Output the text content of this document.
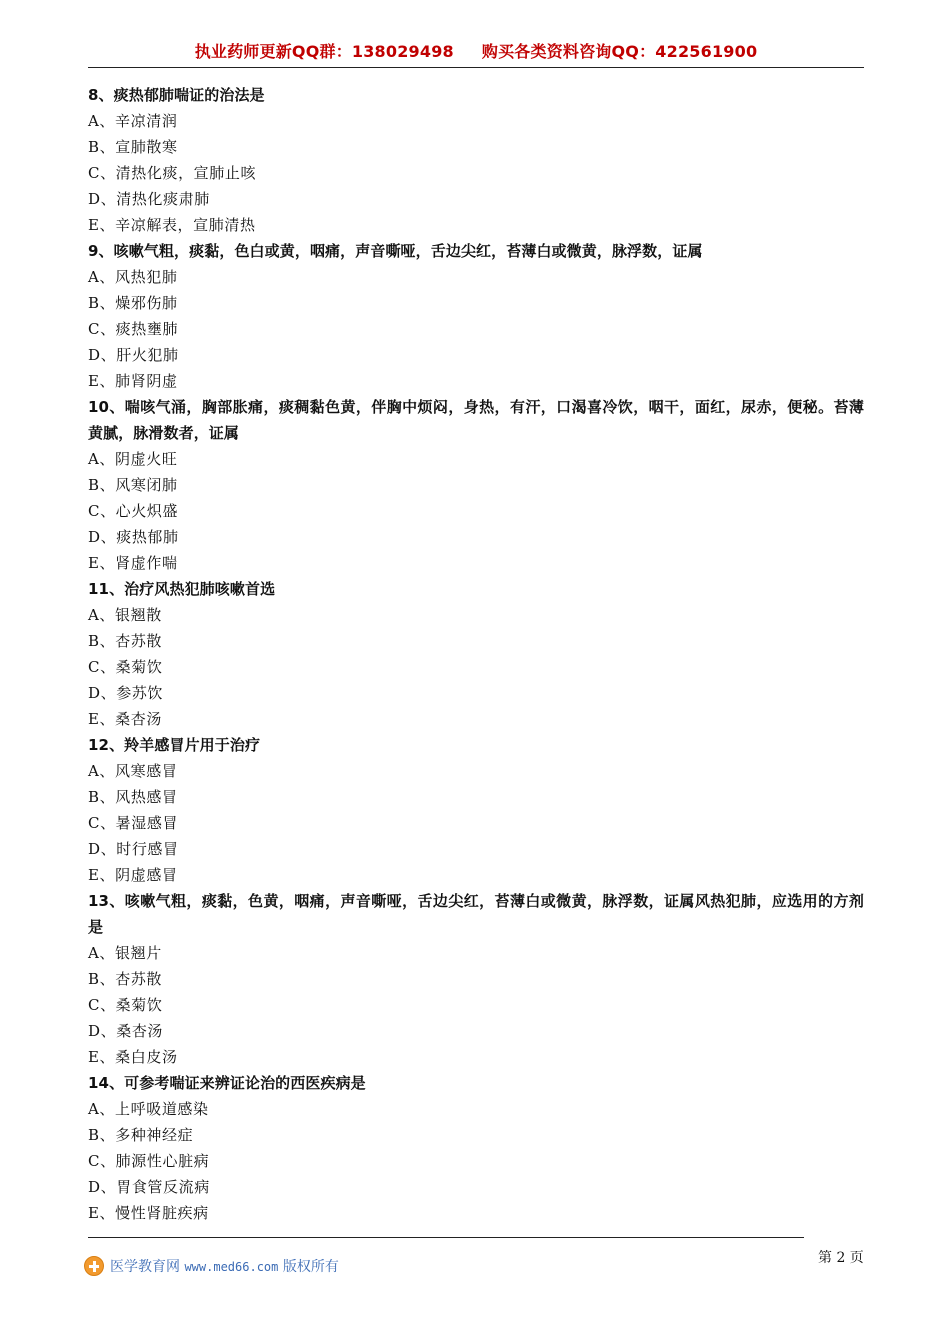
执业药师更新QQ群：138029498 购买各类资料咨询QQ：422561900
8、痰热郁肺喘证的治法是
A、辛凉清润
B、宣肺散寒
C、清热化痰，宣肺止咳
D、清热化痰肃肺
E、辛凉解表，宣肺清热
9、咳嗽气粗，痰黏，色白或黄，咽痛，声音嘶哑，舌边尖红，苔薄白或微黄，脉浮数，证属
A、风热犯肺
B、燥邪伤肺
C、痰热壅肺
D、肝火犯肺
E、肺肾阴虚
10、喘咳气涌，胸部胀痛，痰稠黏色黄，伴胸中烦闷，身热，有汗，口渴喜冷饮，咽干，面红，尿赤，便秘。苔薄黄腻，脉滑数者，证属
A、阴虚火旺
B、风寒闭肺
C、心火炽盛
D、痰热郁肺
E、肾虚作喘
11、治疗风热犯肺咳嗽首选
A、银翘散
B、杏苏散
C、桑菊饮
D、参苏饮
E、桑杏汤
12、羚羊感冒片用于治疗
A、风寒感冒
B、风热感冒
C、暑湿感冒
D、时行感冒
E、阴虚感冒
13、咳嗽气粗，痰黏，色黄，咽痛，声音嘶哑，舌边尖红，苔薄白或微黄，脉浮数，证属风热犯肺，应选用的方剂是
A、银翘片
B、杏苏散
C、桑菊饮
D、桑杏汤
E、桑白皮汤
14、可参考喘证来辨证论治的西医疾病是
A、上呼吸道感染
B、多种神经症
C、肺源性心脏病
D、胃食管反流病
E、慢性肾脏疾病
第 2 页
医学教育网 www.med66.com 版权所有
